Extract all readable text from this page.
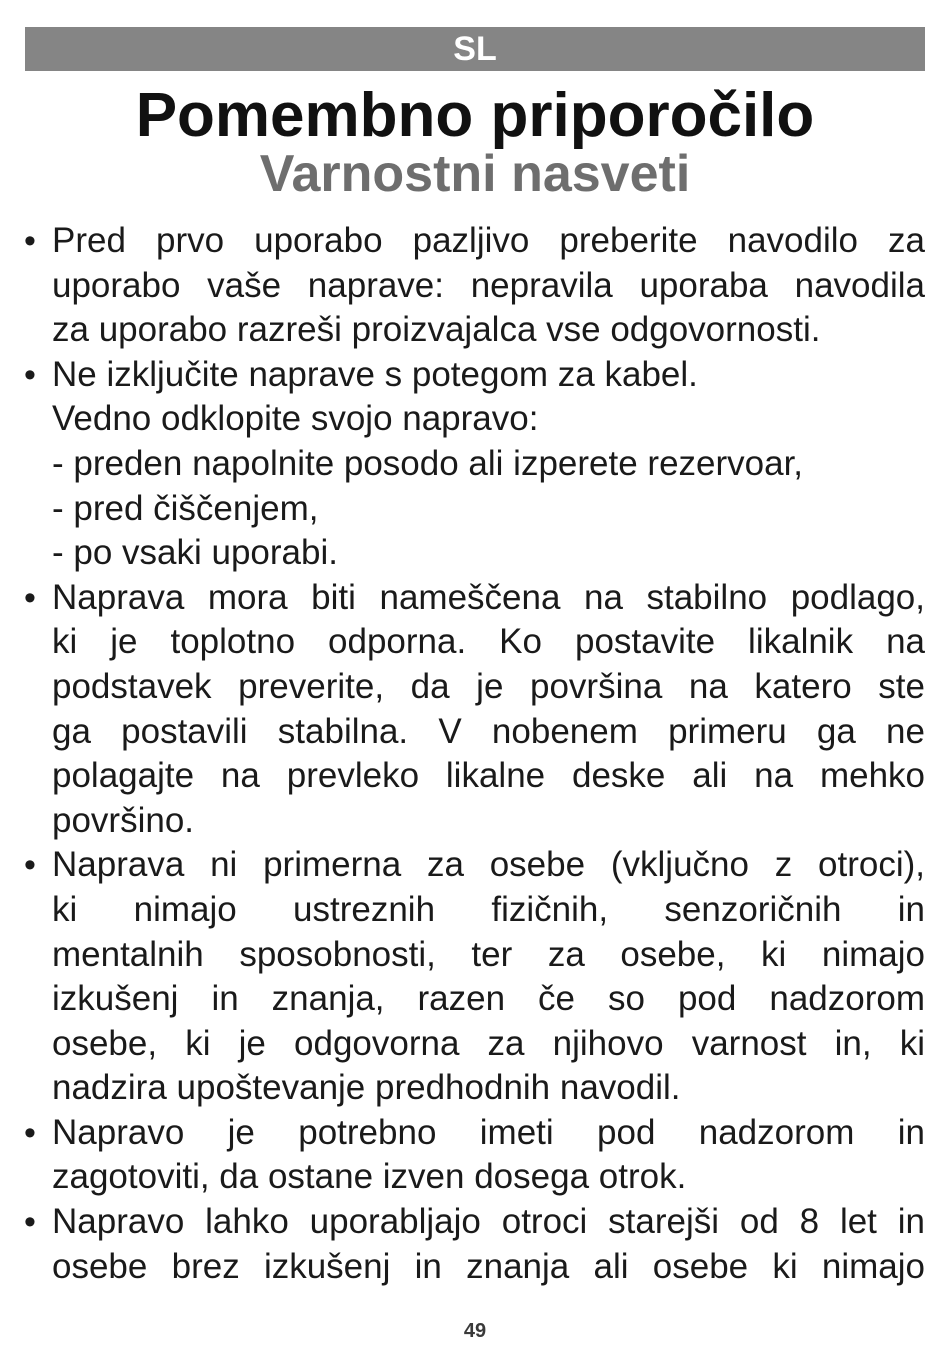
SL
Pomembno priporočilo
Varnostni nasveti
• Pred prvo uporabo pazljivo preberite navodilo za
uporabo vaše naprave: nepravila uporaba navodila
za uporabo razreši proizvajalca vse odgovornosti.
• Ne izključite naprave s potegom za kabel.
Vedno odklopite svojo napravo:
- preden napolnite posodo ali izperete rezervoar,
- pred čiščenjem,
- po vsaki uporabi.
• Naprava mora biti nameščena na stabilno podlago,
ki je toplotno odporna. Ko postavite likalnik na
podstavek preverite, da je površina na katero ste
ga postavili stabilna. V nobenem primeru ga ne
polagajte na prevleko likalne deske ali na mehko
površino.
• Naprava ni primerna za osebe (vključno z otroci),
ki nimajo ustreznih fizičnih, senzoričnih in
mentalnih sposobnosti, ter za osebe, ki nimajo
izkušenj in znanja, razen če so pod nadzorom
osebe, ki je odgovorna za njihovo varnost in, ki
nadzira upoštevanje predhodnih navodil.
• Napravo je potrebno imeti pod nadzorom in
zagotoviti, da ostane izven dosega otrok.
• Napravo lahko uporabljajo otroci starejši od 8 let in
osebe brez izkušenj in znanja ali osebe ki nimajo
49
